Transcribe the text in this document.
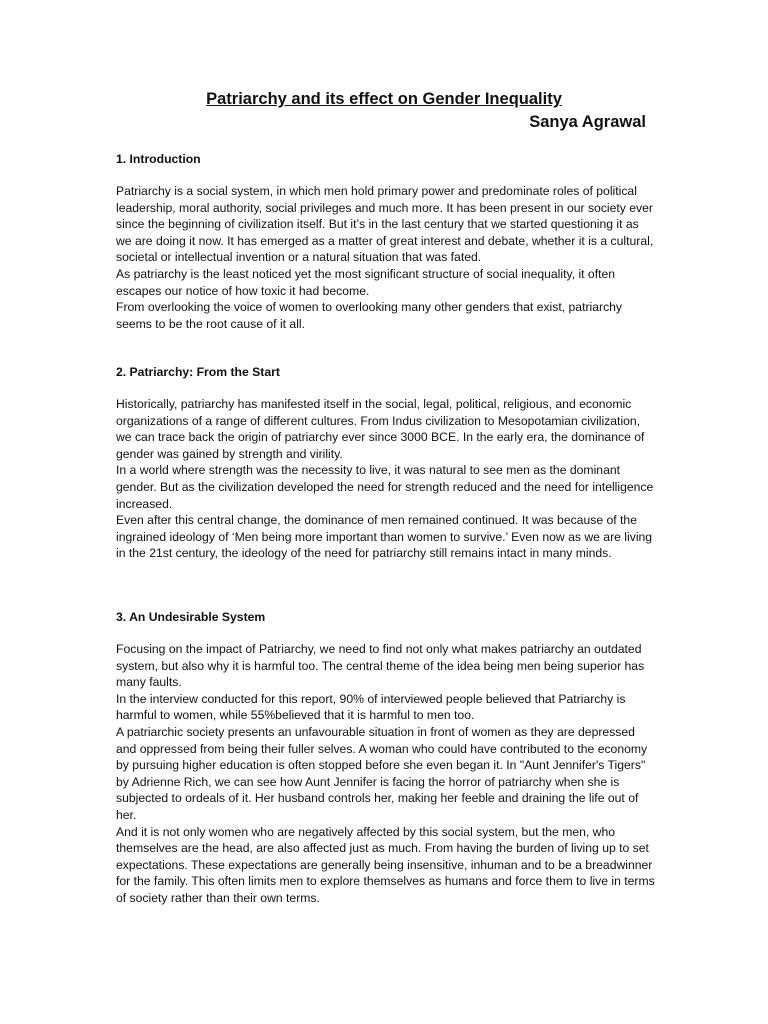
Patriarchy and its effect on Gender Inequality
Sanya Agrawal
1. Introduction

Patriarchy is a social system, in which men hold primary power and predominate roles of political leadership, moral authority, social privileges and much more. It has been present in our society ever since the beginning of civilization itself. But it’s in the last century that we started questioning it as we are doing it now. It has emerged as a matter of great interest and debate, whether it is a cultural, societal or intellectual invention or a natural situation that was fated.

As patriarchy is the least noticed yet the most significant structure of social inequality, it often escapes our notice of how toxic it had become.

From overlooking the voice of women to overlooking many other genders that exist, patriarchy seems to be the root cause of it all.

2. Patriarchy: From the Start

Historically, patriarchy has manifested itself in the social, legal, political, religious, and economic organizations of a range of different cultures. From Indus civilization to Mesopotamian civilization, we can trace back the origin of patriarchy ever since 3000 BCE. In the early era, the dominance of gender was gained by strength and virility.

In a world where strength was the necessity to live, it was natural to see men as the dominant gender. But as the civilization developed the need for strength reduced and the need for intelligence increased.

Even after this central change, the dominance of men remained continued. It was because of the ingrained ideology of ‘Men being more important than women to survive.’ Even now as we are living in the 21st century, the ideology of the need for patriarchy still remains intact in many minds.

3. An Undesirable System

Focusing on the impact of Patriarchy, we need to find not only what makes patriarchy an outdated system, but also why it is harmful too. The central theme of the idea being men being superior has many faults.

In the interview conducted for this report, 90% of interviewed people believed that Patriarchy is harmful to women, while 55%believed that it is harmful to men too.

A patriarchic society presents an unfavourable situation in front of women as they are depressed and oppressed from being their fuller selves. A woman who could have contributed to the economy by pursuing higher education is often stopped before she even began it. In "Aunt Jennifer's Tigers" by Adrienne Rich, we can see how Aunt Jennifer is facing the horror of patriarchy when she is subjected to ordeals of it. Her husband controls her, making her feeble and draining the life out of her.

And it is not only women who are negatively affected by this social system, but the men, who themselves are the head, are also affected just as much. From having the burden of living up to set expectations. These expectations are generally being insensitive, inhuman and to be a breadwinner for the family. This often limits men to explore themselves as humans and force them to live in terms of society rather than their own terms.
